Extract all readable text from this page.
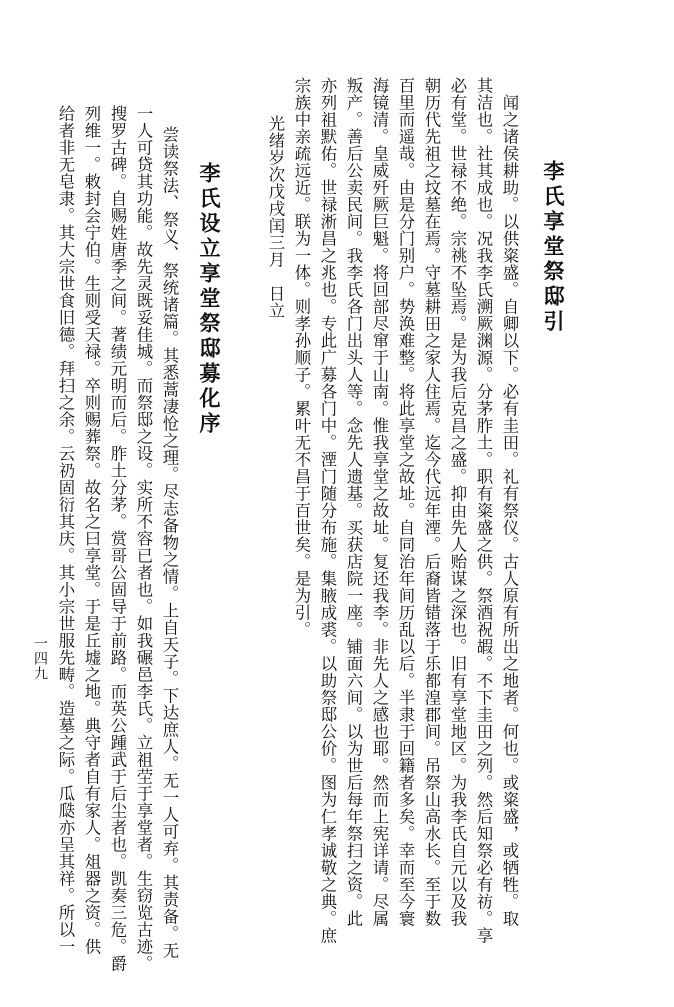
李氏享堂祭邸引

闻之诸侯耕助。以供粢盛。自卿以下。必有圭田。礼有祭仪。古人原有所出之地者。何也。或粢盛，或牺牲。取

其洁也。社其成也。况我李氏溯厥渊源。分茅胙土。职有粢盛之供。祭酒祝嘏。不下圭田之列。然后知祭必有祊。享

必有堂。世禄不绝。宗祧不坠焉。是为我后克昌之盛。抑由先人贻谋之深也。旧有享堂地区。为我李氏自元以及我

朝历代先祖之坟墓在焉。守墓耕田之家人住焉。迄今代远年湮。后裔皆错落于乐都湟郡间。吊祭山高水长。至于数

百里而遥哉。由是分门别户。势涣难整。将此享堂之故址。自同治年间历乱以后。半隶于回籍者多矣。幸而至今寰

海镜清。皇威歼厥巨魁。将回部尽窜于山南。惟我享堂之故址。复还我李。非先人之感也耶。然而上宪详请。尽属

叛产。善后公卖民间。我李氏各门出头人等。念先人遗基。买获店院一座。铺面六间。以为世后每年祭扫之资。此

亦列祖默佑。世禄淅昌之兆也。专此广募各门中。湮门随分布施。集腋成裘。以助祭邸公价。图为仁孝诚敬之典。庶

宗族中亲疏远近。联为一体。则孝孙顺子。累叶无不昌于百世矣。是为引。

光绪岁次戊戌闰三月　日立

李氏设立享堂祭邸募化序

尝读祭法、祭义、祭统诸篇。其悉蒿凄怆之理。尽志备物之情。上自天子。下达庶人。无一人可弃。其责备。无

一人可贷其功能。故先灵既妥佳城。而祭邸之设。实所不容已者也。如我碾邑李氏。立祖茔于享堂者。生窃览古迹。

搜罗古碑。自赐姓唐季之间。著绩元明而后。胙土分茅。赏哥公固导于前路。而英公踵武于后尘者也。凯奏三危。爵

列维一。敕封会宁伯。生则受天禄。卒则赐葬祭。故名之曰享堂。于是丘墟之地。典守者自有家人。俎器之资。供

给者非无皂隶。其大宗世食旧德。拜扫之余。云礽固衍其庆。其小宗世服先畴。造墓之际。瓜瓞亦呈其祥。所以一

一四九
